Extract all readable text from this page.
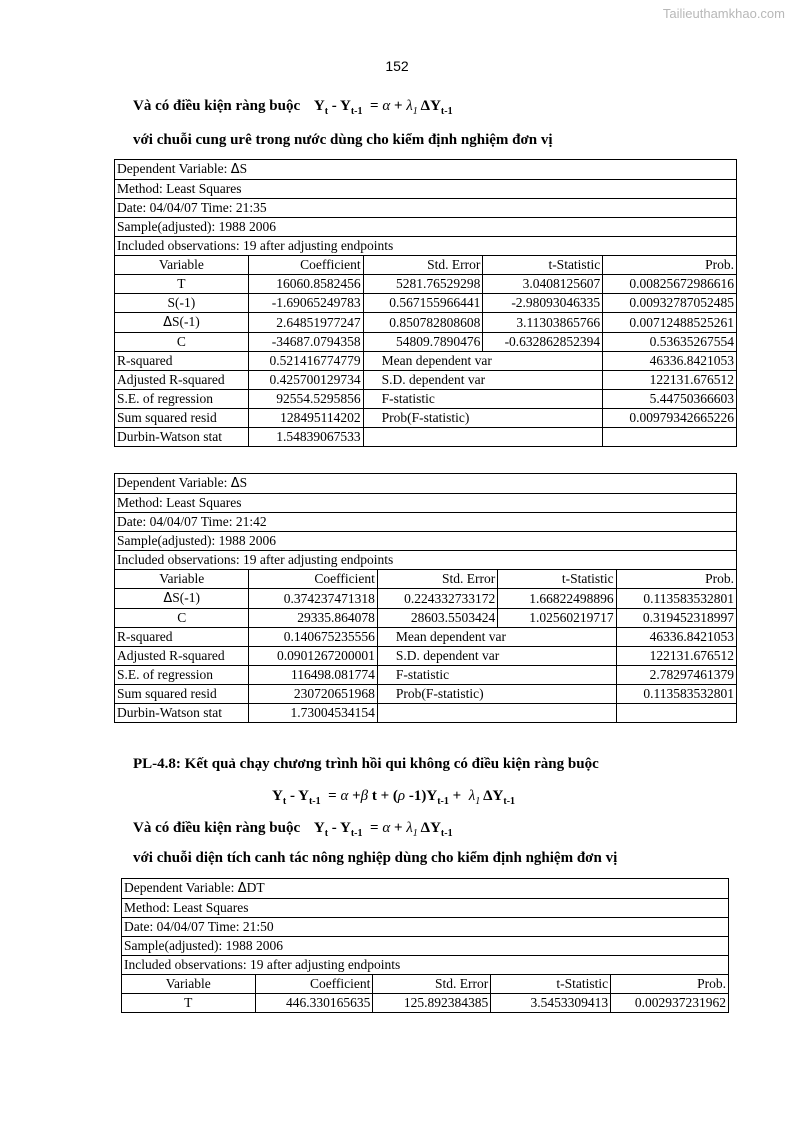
Tailieuthamkhao.com
152
Và có điều kiện ràng buộc $Y_t - Y_{t-1} = \alpha + \lambda_1$ $\Delta Y_{t-1}$
với chuỗi cung urê trong nước dùng cho kiểm định nghiệm đơn vị
Dependent Variable: ΔS				
Method: Least Squares				
Date: 04/04/07 Time: 21:35				
Sample(adjusted): 1988 2006				
Included observations: 19 after adjusting endpoints				
Variable	Coefficient	Std. Error	t-Statistic	Prob.
T	16060.8582456	5281.76529298	3.0408125607	0.00825672986616
S(-1)	-1.69065249783	0.567155966441	-2.98093046335	0.00932787052485
ΔS(-1)	2.64851977247	0.850782808608	3.11303865766	0.00712488525261
C	-34687.0794358	54809.7890476	-0.632862852394	0.53635267554
R-squared	0.521416774779	Mean dependent var		46336.8421053
Adjusted R-squared	0.425700129734	S.D. dependent var		122131.676512
S.E. of regression	92554.5295856	F-statistic		5.44750366603
Sum squared resid	128495114202	Prob(F-statistic)		0.00979342665226
Durbin-Watson stat	1.54839067533			
Dependent Variable: ΔS				
Method: Least Squares				
Date: 04/04/07 Time: 21:42				
Sample(adjusted): 1988 2006				
Included observations: 19 after adjusting endpoints				
Variable	Coefficient	Std. Error	t-Statistic	Prob.
ΔS(-1)	0.374237471318	0.224332733172	1.66822498896	0.113583532801
C	29335.864078	28603.5503424	1.02560219717	0.319452318997
R-squared	0.140675235556	Mean dependent var		46336.8421053
Adjusted R-squared	0.0901267200001	S.D. dependent var		122131.676512
S.E. of regression	116498.081774	F-statistic		2.78297461379
Sum squared resid	230720651968	Prob(F-statistic)		0.113583532801
Durbin-Watson stat	1.73004534154			
PL-4.8: Kết quả chạy chương trình hồi qui không có điều kiện ràng buộc
$Y_t - Y_{t-1} = \alpha +\beta$ t + (ρ $-1)Y_{t-1} + \lambda_1$ $\Delta Y_{t-1}$
Và có điều kiện ràng buộc $Y_t - Y_{t-1} = \alpha + \lambda_1$ $\Delta Y_{t-1}$
với chuỗi diện tích canh tác nông nghiệp dùng cho kiểm định nghiệm đơn vị
Dependent Variable: ΔDT				
Method: Least Squares				
Date: 04/04/07 Time: 21:50				
Sample(adjusted): 1988 2006				
Included observations: 19 after adjusting endpoints				
Variable	Coefficient	Std. Error	t-Statistic	Prob.
T	446.330165635	125.892384385	3.5453309413	0.002937231962
